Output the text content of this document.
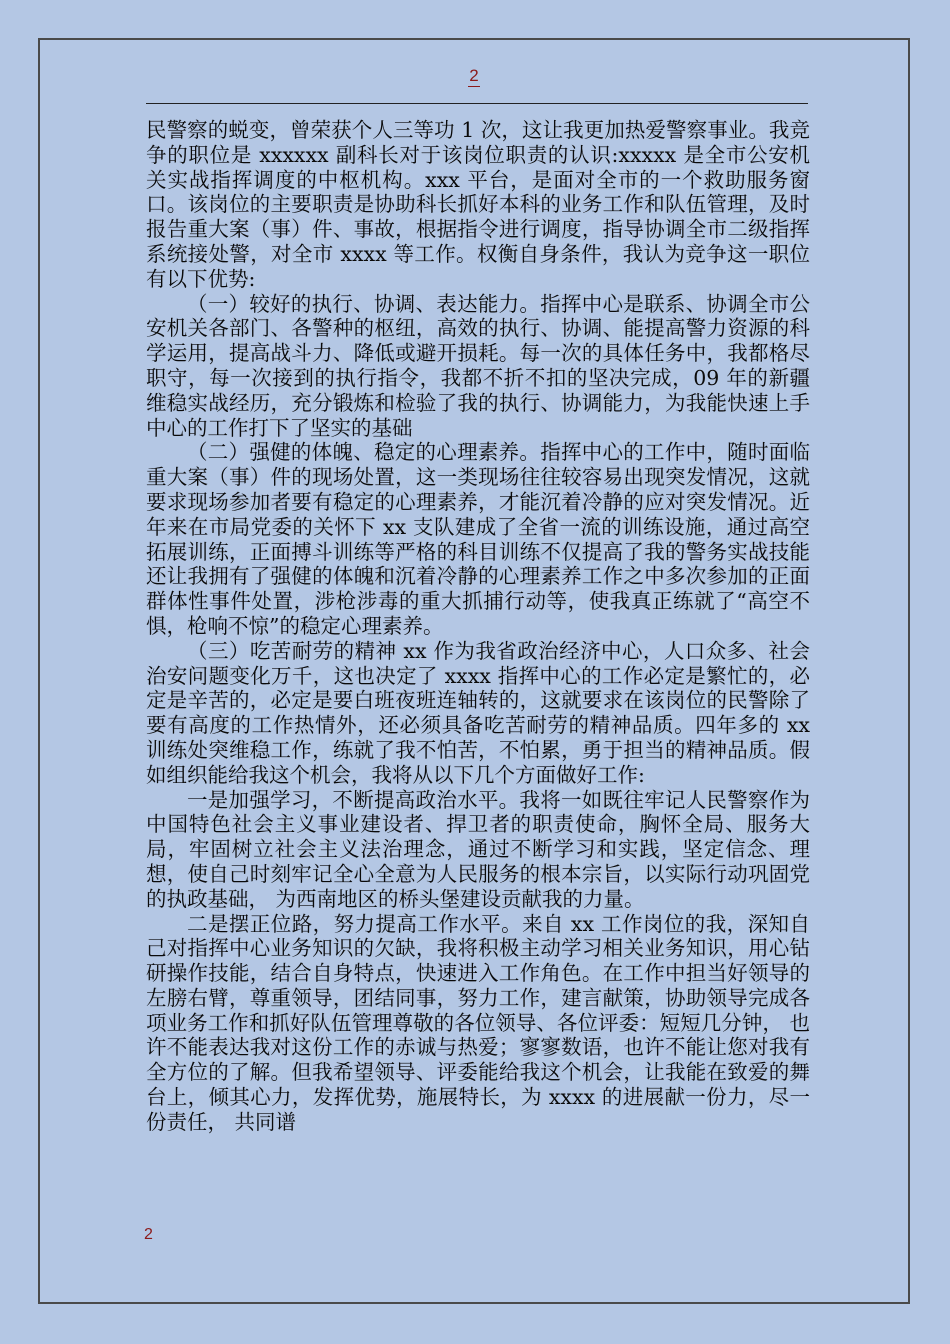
2

民警察的蜕变，曾荣获个人三等功 1 次，这让我更加热爱警察事业。我竞争的职位是 xxxxxx 副科长对于该岗位职责的认识:xxxxx 是全市公安机关实战指挥调度的中枢机构。xxx 平台，是面对全市的一个救助服务窗口。该岗位的主要职责是协助科长抓好本科的业务工作和队伍管理，及时报告重大案（事）件、事故，根据指令进行调度，指导协调全市二级指挥系统接处警，对全市 xxxx 等工作。权衡自身条件，我认为竞争这一职位有以下优势:

（一）较好的执行、协调、表达能力。指挥中心是联系、协调全市公安机关各部门、各警种的枢纽，高效的执行、协调、能提高警力资源的科学运用，提高战斗力、降低或避开损耗。每一次的具体任务中，我都格尽职守，每一次接到的执行指令，我都不折不扣的坚决完成，09 年的新疆维稳实战经历，充分锻炼和检验了我的执行、协调能力，为我能快速上手中心的工作打下了坚实的基础

（二）强健的体魄、稳定的心理素养。指挥中心的工作中，随时面临重大案（事）件的现场处置，这一类现场往往较容易出现突发情况，这就要求现场参加者要有稳定的心理素养，才能沉着冷静的应对突发情况。近年来在市局党委的关怀下 xx 支队建成了全省一流的训练设施，通过高空拓展训练，正面搏斗训练等严格的科目训练不仅提高了我的警务实战技能还让我拥有了强健的体魄和沉着冷静的心理素养工作之中多次参加的正面群体性事件处置，涉枪涉毒的重大抓捕行动等，使我真正练就了“高空不惧，枪响不惊”的稳定心理素养。

（三）吃苦耐劳的精神 xx 作为我省政治经济中心，人口众多、社会治安问题变化万千，这也决定了 xxxx 指挥中心的工作必定是繁忙的，必定是辛苦的，必定是要白班夜班连轴转的，这就要求在该岗位的民警除了要有高度的工作热情外，还必须具备吃苦耐劳的精神品质。四年多的 xx 训练处突维稳工作，练就了我不怕苦，不怕累，勇于担当的精神品质。假如组织能给我这个机会，我将从以下几个方面做好工作:

一是加强学习，不断提高政治水平。我将一如既往牢记人民警察作为中国特色社会主义事业建设者、捍卫者的职责使命，胸怀全局、服务大局，牢固树立社会主义法治理念，通过不断学习和实践，坚定信念、理想，使自己时刻牢记全心全意为人民服务的根本宗旨，以实际行动巩固党的执政基础， 为西南地区的桥头堡建设贡献我的力量。

二是摆正位路，努力提高工作水平。来自 xx 工作岗位的我，深知自己对指挥中心业务知识的欠缺，我将积极主动学习相关业务知识，用心钻研操作技能，结合自身特点，快速进入工作角色。在工作中担当好领导的左膀右臂，尊重领导，团结同事，努力工作，建言献策，协助领导完成各项业务工作和抓好队伍管理尊敬的各位领导、各位评委：短短几分钟， 也许不能表达我对这份工作的赤诚与热爱；寥寥数语，也许不能让您对我有全方位的了解。但我希望领导、评委能给我这个机会，让我能在致爱的舞台上，倾其心力，发挥优势，施展特长，为 xxxx 的进展献一份力，尽一份责任， 共同谱

2
